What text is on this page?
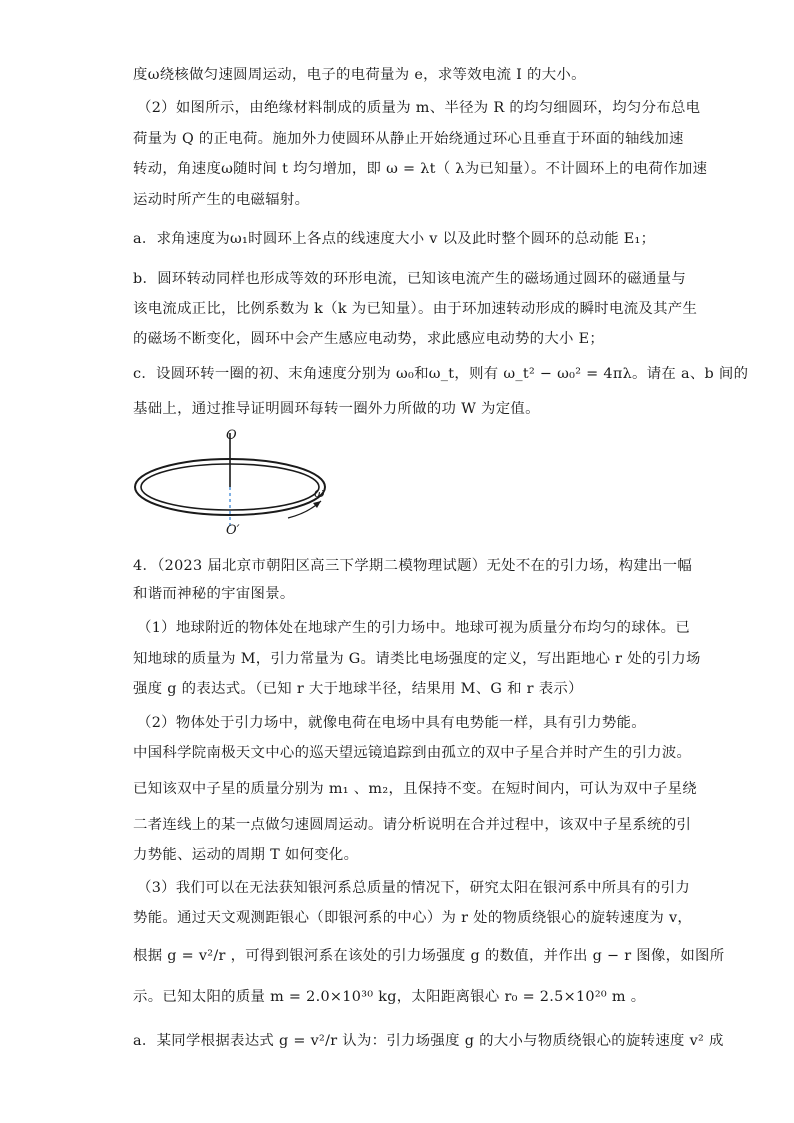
度ω绕核做匀速圆周运动，电子的电荷量为 e，求等效电流 I 的大小。
（2）如图所示，由绝缘材料制成的质量为 m、半径为 R 的均匀细圆环，均匀分布总电
荷量为 Q 的正电荷。施加外力使圆环从静止开始绕通过环心且垂直于环面的轴线加速
转动，角速度ω随时间 t 均匀增加，即 ω = λt（ λ为已知量）。不计圆环上的电荷作加速
运动时所产生的电磁辐射。
a．求角速度为ω₁时圆环上各点的线速度大小 v 以及此时整个圆环的总动能 E₁；
b．圆环转动同样也形成等效的环形电流，已知该电流产生的磁场通过圆环的磁通量与
该电流成正比，比例系数为 k（k 为已知量）。由于环加速转动形成的瞬时电流及其产生
的磁场不断变化，圆环中会产生感应电动势，求此感应电动势的大小 E；
c．设圆环转一圈的初、末角速度分别为 ω₀和ω_t，则有 ω_t² − ω₀² = 4πλ。请在 a、b 间的
基础上，通过推导证明圆环每转一圈外力所做的功 W 为定值。
O
O′
ω
4．（2023 届北京市朝阳区高三下学期二模物理试题）无处不在的引力场，构建出一幅
和谐而神秘的宇宙图景。
（1）地球附近的物体处在地球产生的引力场中。地球可视为质量分布均匀的球体。已
知地球的质量为 M，引力常量为 G。请类比电场强度的定义，写出距地心 r 处的引力场
强度 g 的表达式。（已知 r 大于地球半径，结果用 M、G 和 r 表示）
（2）物体处于引力场中，就像电荷在电场中具有电势能一样，具有引力势能。
中国科学院南极天文中心的巡天望远镜追踪到由孤立的双中子星合并时产生的引力波。
已知该双中子星的质量分别为 m₁ 、m₂，且保持不变。在短时间内，可认为双中子星绕
二者连线上的某一点做匀速圆周运动。请分析说明在合并过程中，该双中子星系统的引
力势能、运动的周期 T 如何变化。
（3）我们可以在无法获知银河系总质量的情况下，研究太阳在银河系中所具有的引力
势能。通过天文观测距银心（即银河系的中心）为 r 处的物质绕银心的旋转速度为 v，
根据 g = v²/r ，可得到银河系在该处的引力场强度 g 的数值，并作出 g − r 图像，如图所
示。已知太阳的质量 m = 2.0×10³⁰ kg，太阳距离银心 r₀ = 2.5×10²⁰ m 。
a．某同学根据表达式 g = v²/r 认为：引力场强度 g 的大小与物质绕银心的旋转速度 v² 成
